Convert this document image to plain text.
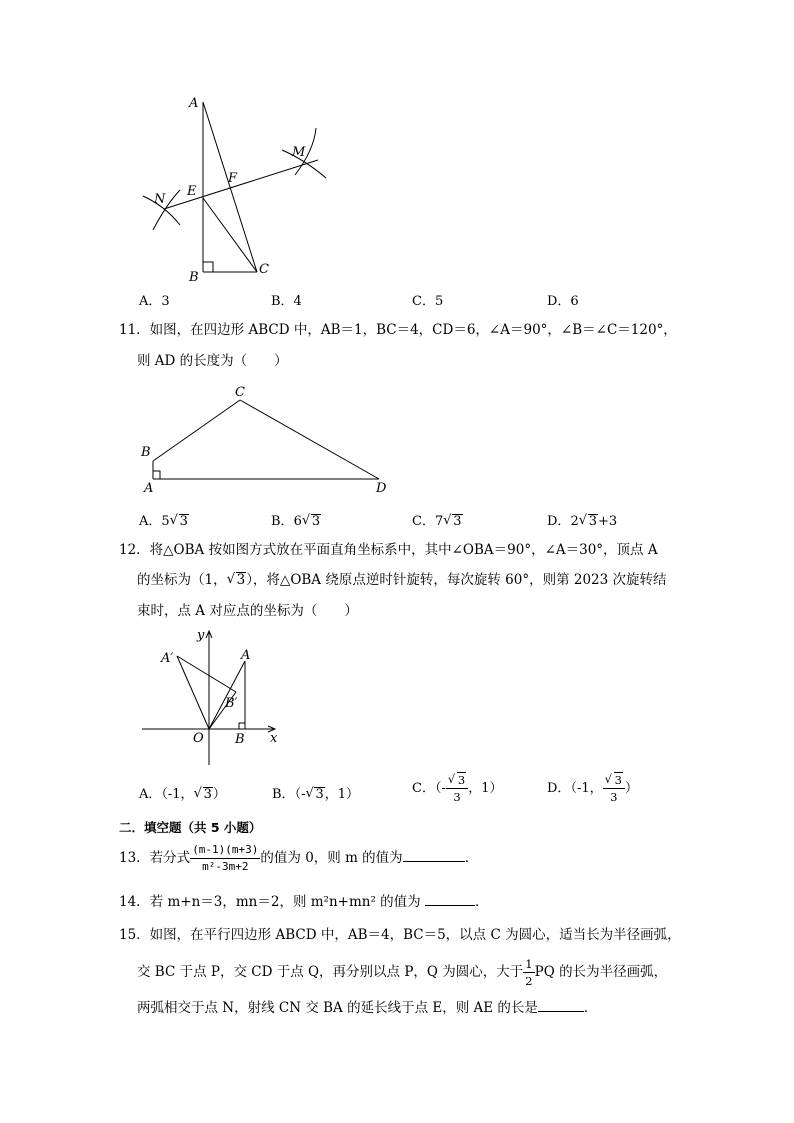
A
E
F
M
N
B
C
A．3	B．4	C．5	D．6
11．如图，在四边形 ABCD 中，AB＝1，BC＝4，CD＝6，∠A＝90°，∠B＝∠C＝120°，
则 AD 的长度为（　　）
C
B
A	D
A．5 √ 3	B．6 √ 3	C．7 √ 3	D．2 √ 3+3
12．将△OBA 按如图方式放在平面直角坐标系中，其中∠OBA＝90°，∠A＝30°，顶点 A
的坐标为（1， √ 3），将△OBA 绕原点逆时针旋转，每次旋转 60°，则第 2023 次旋转结
束时，点 A 对应点的坐标为（　　）
y
x
O
A
A′
B
B′
A．（-1， √ 3）	B．（- √ 3，1）	C．（- √ $\frac{3}{3}$ ，1）	D．（-1， √ $\frac{3}{3}$ ）
二．填空题（共 5 小题）
13．若分式 $\frac{(m-1)(m+3)}{\text{m²-3m+2}}$ 的值为 0，则 m 的值为	．
14．若 m+n＝3，mn＝2，则 m²n+mn² 的值为	．
15．如图，在平行四边形 ABCD 中，AB＝4，BC＝5，以点 C 为圆心，适当长为半径画弧，
交 BC 于点 P，交 CD 于点 Q，再分别以点 P，Q 为圆心，大于 $\frac{1}{2}$ PQ 的长为半径画弧，
两弧相交于点 N，射线 CN 交 BA 的延长线于点 E，则 AE 的长是	．
